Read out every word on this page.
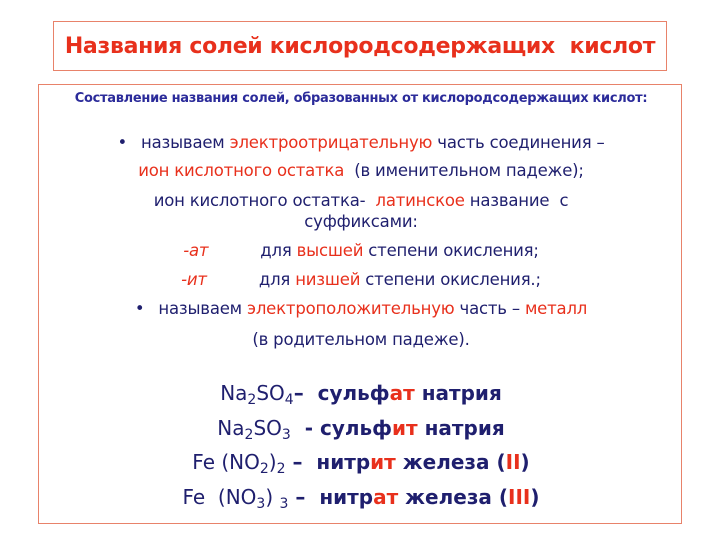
Названия солей кислородсодержащих  кислот
Составление названия солей, образованных от кислородсодержащих кислот:
• называем электроотрицательную часть соединения –
ион кислотного остатка  (в именительном падеже);
ион кислотного остатка-  латинское название  с
суффиксами:
-ат	для высшей степени окисления;
-ит	для низшей степени окисления.;
• называем электроположительную часть – металл
(в родительном падеже).
$Na_2SO_4-$  сульфат натрия
$Na_2SO_3$  - сульфит натрия
Fe $(NO_2)_2$ –  нитрит железа (II)
Fe  $(NO_3)$ $_3$ –  нитрат железа (III)
